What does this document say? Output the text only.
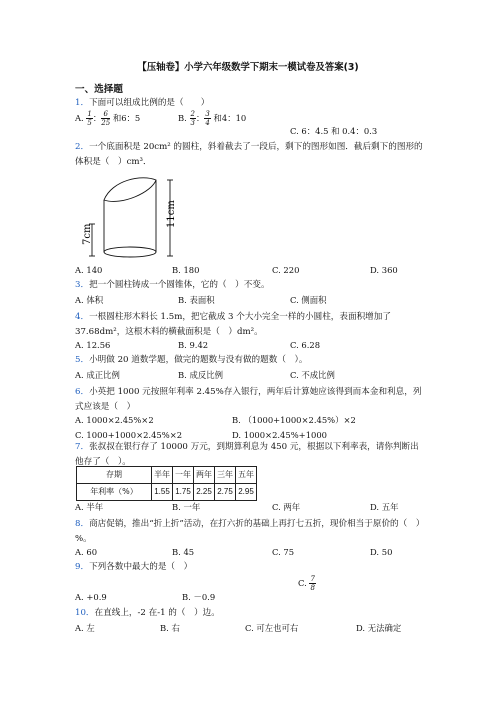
【压轴卷】小学六年级数学下期末一模试卷及答案(3)
一、选择题
1．下面可以组成比例的是（　　）
A. $\frac{1}{5}$ ： $\frac{6}{25}$ 和6：5	B. $\frac{2}{3}$ ： $\frac{3}{4}$ 和4：10
C. 6：4.5 和 0.4：0.3
2．一个底面积是 20cm² 的圆柱，斜着截去了一段后，剩下的图形如图．截后剩下的图形的体积是（　）cm³．
7cm
11cm
A. 140	B. 180	C. 220	D. 360
3．把一个圆柱铸成一个圆锥体，它的（　）不变。
A. 体积	B. 表面积	C. 侧面积
4．一根圆柱形木料长 1.5m，把它截成 3 个大小完全一样的小圆柱，表面积增加了 37.68dm²，这根木料的横截面积是（　）dm²。
A. 12.56	B. 9.42	C. 6.28
5．小明做 20 道数学题，做完的题数与没有做的题数（　）。
A. 成正比例	B. 成反比例	C. 不成比例
6．小英把 1000 元按照年利率 2.45%存入银行，两年后计算她应该得到而本金和利息，列式应该是（　）
A. 1000×2.45%×2	B. （1000+1000×2.45%）×2
C. 1000+1000×2.45%×2	D. 1000×2.45%+1000
7．张叔叔在银行存了 10000 万元，到期算利息为 450 元，根据以下利率表，请你判断出他存了（　）。
存期	半年	一年	两年	三年	五年
年利率（%）	1.55	1.75	2.25	2.75	2.95
A. 半年	B. 一年	C. 两年	D. 五年
8．商店促销，推出“折上折”活动，在打六折的基础上再打七五折，现价相当于原价的（　）%。
A. 60	B. 45	C. 75	D. 50
9．下列各数中最大的是（　）
A. +0.9	B. －0.9
C. $\frac{7}{8}$
10．在直线上，-2 在-1 的（　）边。
A. 左	B. 右	C. 可左也可右	D. 无法确定
